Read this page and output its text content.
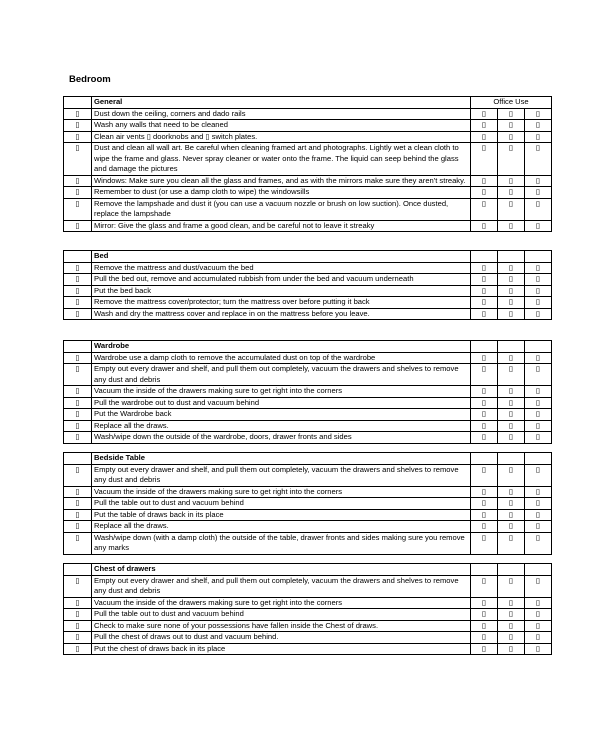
Bedroom
	General	Office Use		
▯	Dust down the ceiling, corners and dado rails	▯	▯	▯
▯	Wash any walls that need to be cleaned	▯	▯	▯
▯	Clean air vents ▯ doorknobs and ▯ switch plates.	▯	▯	▯
▯	Dust and clean all wall art. Be careful when cleaning framed art and photographs. Lightly wet a clean cloth to wipe the frame and glass. Never spray cleaner or water onto the frame. The liquid can seep behind the glass and damage the pictures	▯	▯	▯
▯	Windows: Make sure you clean all the glass and frames, and as with the mirrors make sure they aren't streaky.	▯	▯	▯
▯	Remember to dust (or use a damp cloth to wipe) the windowsills	▯	▯	▯
▯	Remove the lampshade and dust it (you can use a vacuum nozzle or brush on low suction). Once dusted, replace the lampshade	▯	▯	▯
▯	Mirror: Give the glass and frame a good clean, and be careful not to leave it streaky	▯	▯	▯
	Bed			
▯	Remove the mattress and dust/vacuum the bed	▯	▯	▯
▯	Pull the bed out, remove and accumulated rubbish from under the bed and vacuum underneath	▯	▯	▯
▯	Put the bed back	▯	▯	▯
▯	Remove the mattress cover/protector; turn the mattress over before putting it back	▯	▯	▯
▯	Wash and dry the mattress cover and replace in on the mattress before you leave.	▯	▯	▯
	Wardrobe			
▯	Wardrobe use a damp cloth to remove the accumulated dust on top of the wardrobe	▯	▯	▯
▯	Empty out every drawer and shelf, and pull them out completely, vacuum the drawers and shelves to remove any dust and debris	▯	▯	▯
▯	Vacuum the inside of the drawers making sure to get right into the corners	▯	▯	▯
▯	Pull the wardrobe out to dust and vacuum behind	▯	▯	▯
▯	Put the Wardrobe back	▯	▯	▯
▯	Replace all the draws.	▯	▯	▯
▯	Wash/wipe down the outside of the wardrobe, doors, drawer fronts and sides	▯	▯	▯
	Bedside Table			
▯	Empty out every drawer and shelf, and pull them out completely, vacuum the drawers and shelves to remove any dust and debris	▯	▯	▯
▯	Vacuum the inside of the drawers making sure to get right into the corners	▯	▯	▯
▯	Pull the table out to dust and vacuum behind	▯	▯	▯
▯	Put the table of draws back in its place	▯	▯	▯
▯	Replace all the draws.	▯	▯	▯
▯	Wash/wipe down (with a damp cloth) the outside of the table, drawer fronts and sides making sure you remove any marks	▯	▯	▯
	Chest of drawers			
▯	Empty out every drawer and shelf, and pull them out completely, vacuum the drawers and shelves to remove any dust and debris	▯	▯	▯
▯	Vacuum the inside of the drawers making sure to get right into the corners	▯	▯	▯
▯	Pull the table out to dust and vacuum behind	▯	▯	▯
▯	Check to make sure none of your possessions have fallen inside the Chest of draws.	▯	▯	▯
▯	Pull the chest of draws out to dust and vacuum behind.	▯	▯	▯
▯	Put the chest of draws back in its place	▯	▯	▯
